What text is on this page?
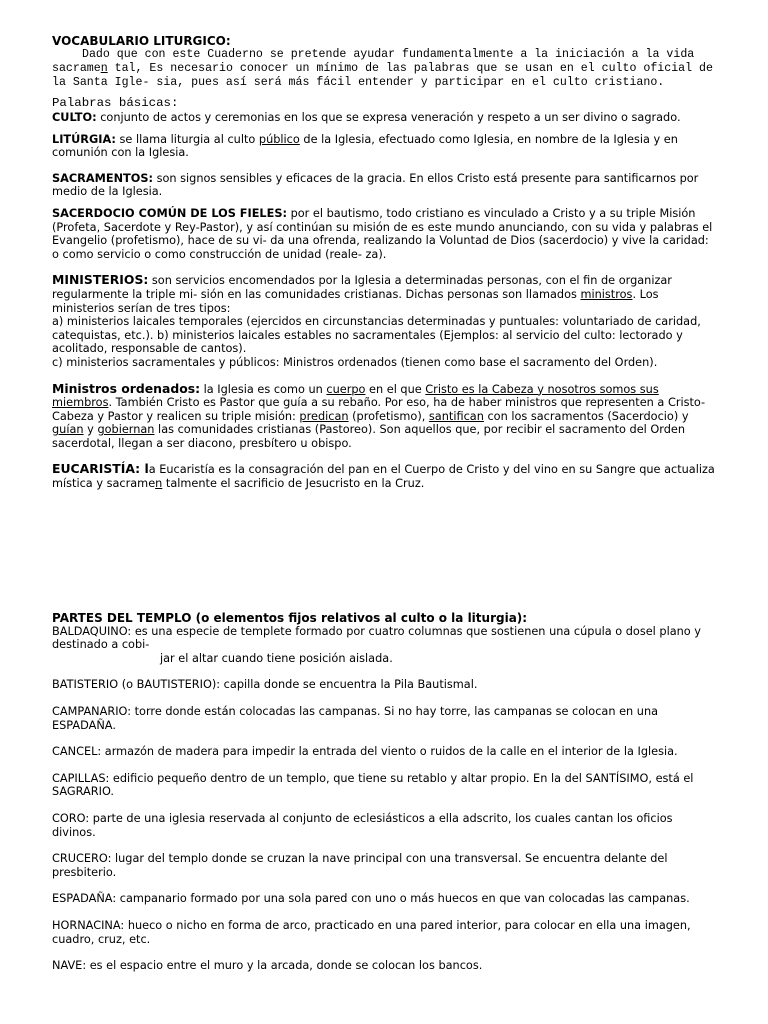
VOCABULARIO LITURGICO:

Dado que con este Cuaderno se pretende ayudar fundamentalmente a la iniciación a la vida sacramen tal, Es necesario conocer un mínimo de las palabras que se usan en el culto oficial de la Santa Igle- sia, pues así será más fácil entender y participar en el culto cristiano.

Palabras básicas:

CULTO: conjunto de actos y ceremonias en los que se expresa veneración y respeto a un ser divino o sagrado.

LITÚRGIA: se llama liturgia al culto público de la Iglesia, efectuado como Iglesia, en nombre de la Iglesia y en comunión con la Iglesia.

SACRAMENTOS: son signos sensibles y eficaces de la gracia. En ellos Cristo está presente para santificarnos por medio de la Iglesia.

SACERDOCIO COMÚN DE LOS FIELES: por el bautismo, todo cristiano es vinculado a Cristo y a su triple Misión (Profeta, Sacerdote y Rey-Pastor), y así continúan su misión de es este mundo anunciando, con su vida y palabras el Evangelio (profetismo), hace de su vi- da una ofrenda, realizando la Voluntad de Dios (sacerdocio) y vive la caridad: o como servicio o como construcción de unidad (reale- za).

MINISTERIOS: son servicios encomendados por la Iglesia a determinadas personas, con el fin de organizar regularmente la triple mi- sión en las comunidades cristianas. Dichas personas son llamados ministros. Los ministerios serían de tres tipos:
a) ministerios laicales temporales (ejercidos en circunstancias determinadas y puntuales: voluntariado de caridad, catequistas, etc.). b) ministerios laicales estables no sacramentales (Ejemplos: al servicio del culto: lectorado y acolitado, responsable de cantos).
c) ministerios sacramentales y públicos: Ministros ordenados (tienen como base el sacramento del Orden).

Ministros ordenados: la Iglesia es como un cuerpo en el que Cristo es la Cabeza y nosotros somos sus miembros. También Cristo es Pastor que guía a su rebaño. Por eso, ha de haber ministros que representen a Cristo-Cabeza y Pastor y realicen su triple misión: predican (profetismo), santifican con los sacramentos (Sacerdocio) y guían y gobiernan las comunidades cristianas (Pastoreo). Son aquellos que, por recibir el sacramento del Orden sacerdotal, llegan a ser diacono, presbítero u obispo.

EUCARISTÍA: la Eucaristía es la consagración del pan en el Cuerpo de Cristo y del vino en su Sangre que actualiza mística y sacramen talmente el sacrificio de Jesucristo en la Cruz.

PARTES DEL TEMPLO (o elementos fijos relativos al culto o la liturgia):

BALDAQUINO: es una especie de templete formado por cuatro columnas que sostienen una cúpula o dosel plano y destinado a cobi-
jar el altar cuando tiene posición aislada.

BATISTERIO (o BAUTISTERIO): capilla donde se encuentra la Pila Bautismal.

CAMPANARIO: torre donde están colocadas las campanas. Si no hay torre, las campanas se colocan en una ESPADAÑA.

CANCEL: armazón de madera para impedir la entrada del viento o ruidos de la calle en el interior de la Iglesia.

CAPILLAS: edificio pequeño dentro de un templo, que tiene su retablo y altar propio. En la del SANTÍSIMO, está el SAGRARIO.

CORO: parte de una iglesia reservada al conjunto de eclesiásticos a ella adscrito, los cuales cantan los oficios divinos.

CRUCERO: lugar del templo donde se cruzan la nave principal con una transversal. Se encuentra delante del presbiterio.

ESPADAÑA: campanario formado por una sola pared con uno o más huecos en que van colocadas las campanas.

HORNACINA: hueco o nicho en forma de arco, practicado en una pared interior, para colocar en ella una imagen, cuadro, cruz, etc.

NAVE: es el espacio entre el muro y la arcada, donde se colocan los bancos.
